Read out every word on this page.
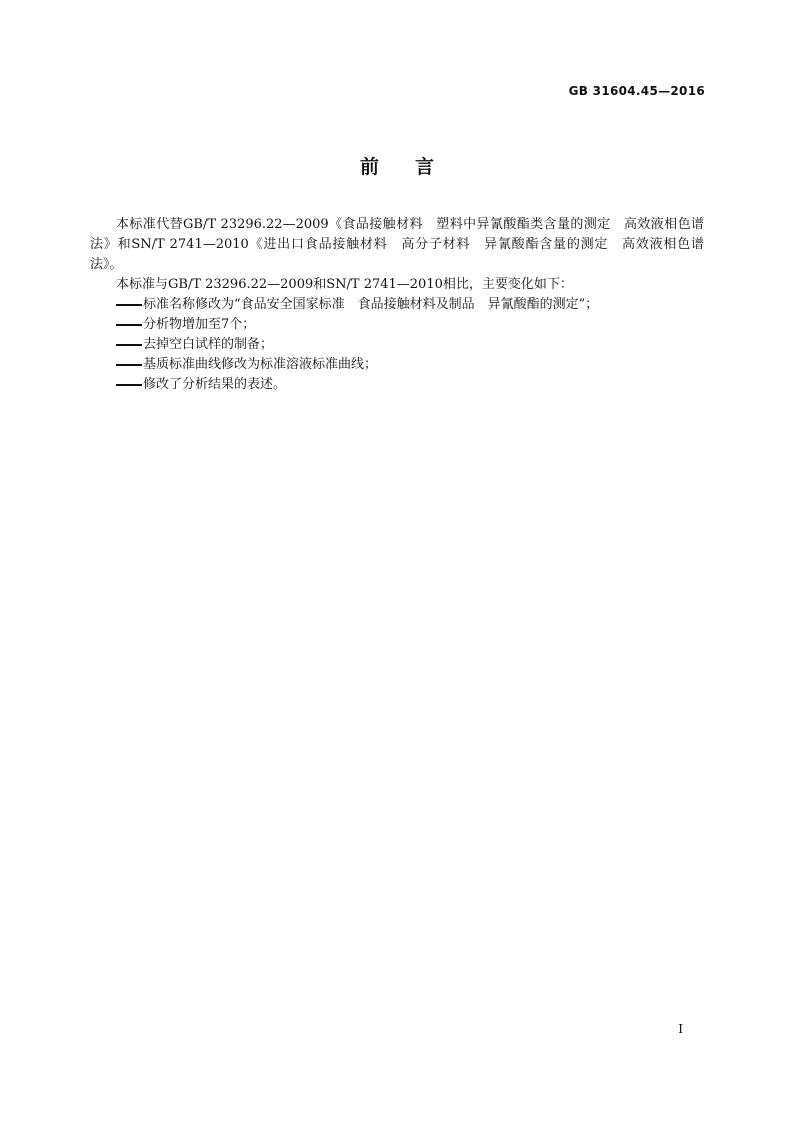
GB 31604.45—2016
前言

本标准代替GB/T 23296.22—2009《食品接触材料　塑料中异氰酸酯类含量的测定　高效液相色谱法》和SN/T 2741—2010《进出口食品接触材料　高分子材料　异氰酸酯含量的测定　高效液相色谱法》。

本标准与GB/T 23296.22—2009和SN/T 2741—2010相比，主要变化如下：

标准名称修改为“食品安全国家标准　食品接触材料及制品　异氰酸酯的测定”；
分析物增加至7个；
去掉空白试样的制备；
基质标准曲线修改为标准溶液标准曲线；
修改了分析结果的表述。
I
